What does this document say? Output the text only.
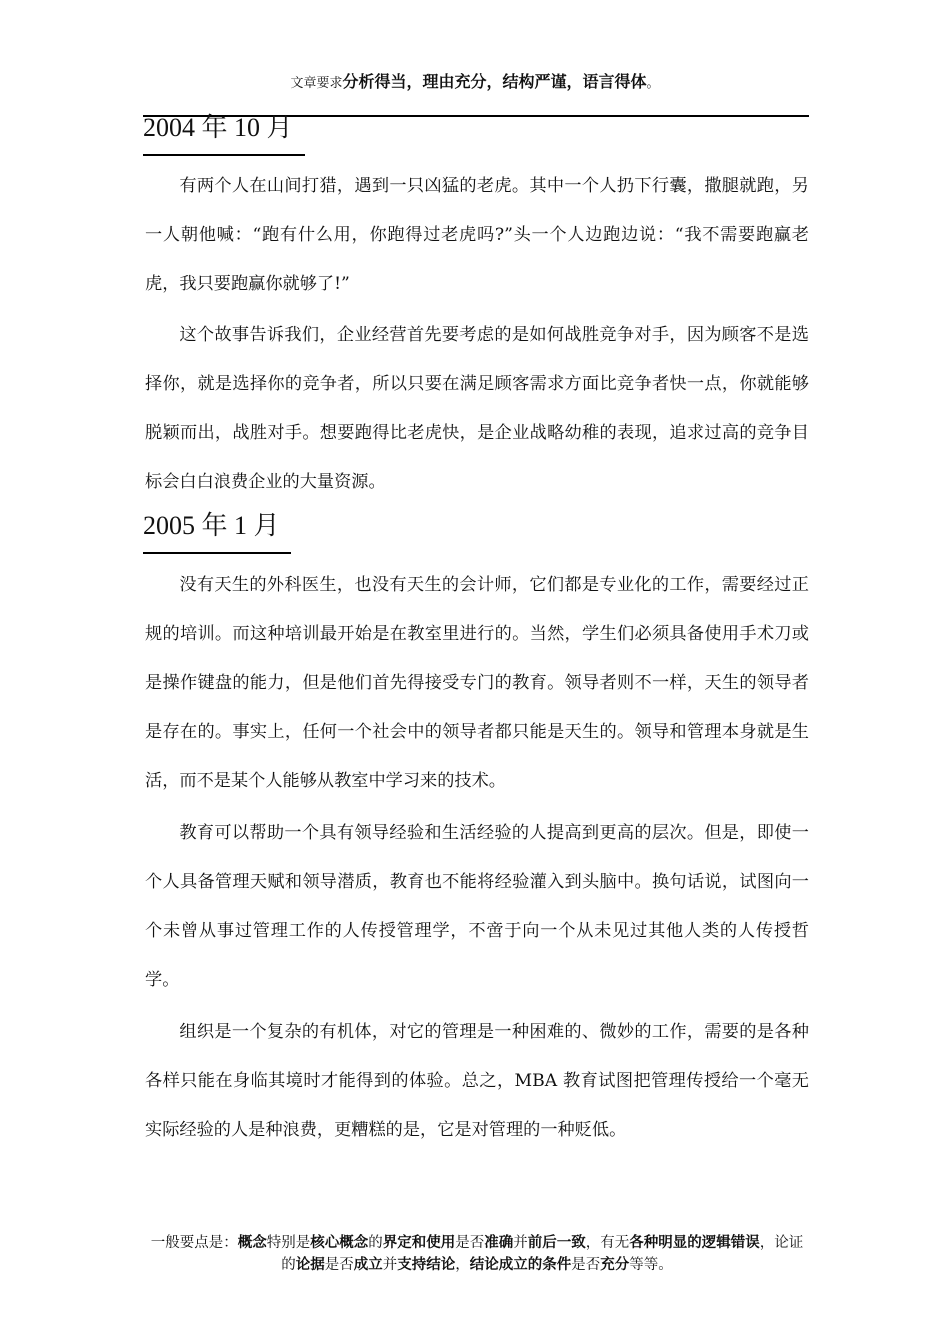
文章要求分析得当，理由充分，结构严谨，语言得体。
2004 年 10 月

有两个人在山间打猎，遇到一只凶猛的老虎。其中一个人扔下行囊，撒腿就跑，另一人朝他喊：“跑有什么用，你跑得过老虎吗?”头一个人边跑边说：“我不需要跑赢老虎，我只要跑赢你就够了!”

这个故事告诉我们，企业经营首先要考虑的是如何战胜竞争对手，因为顾客不是选择你，就是选择你的竞争者，所以只要在满足顾客需求方面比竞争者快一点，你就能够脱颖而出，战胜对手。想要跑得比老虎快，是企业战略幼稚的表现，追求过高的竞争目标会白白浪费企业的大量资源。

2005 年 1 月

没有天生的外科医生，也没有天生的会计师，它们都是专业化的工作，需要经过正规的培训。而这种培训最开始是在教室里进行的。当然，学生们必须具备使用手术刀或是操作键盘的能力，但是他们首先得接受专门的教育。领导者则不一样，天生的领导者是存在的。事实上，任何一个社会中的领导者都只能是天生的。领导和管理本身就是生活，而不是某个人能够从教室中学习来的技术。

教育可以帮助一个具有领导经验和生活经验的人提高到更高的层次。但是，即使一个人具备管理天赋和领导潜质，教育也不能将经验灌入到头脑中。换句话说，试图向一个未曾从事过管理工作的人传授管理学，不啻于向一个从未见过其他人类的人传授哲学。

组织是一个复杂的有机体，对它的管理是一种困难的、微妙的工作，需要的是各种各样只能在身临其境时才能得到的体验。总之，MBA 教育试图把管理传授给一个毫无实际经验的人是种浪费，更糟糕的是，它是对管理的一种贬低。

一般要点是：概念特别是核心概念的界定和使用是否准确并前后一致，有无各种明显的逻辑错误，论证的论据是否成立并支持结论，结论成立的条件是否充分等等。
